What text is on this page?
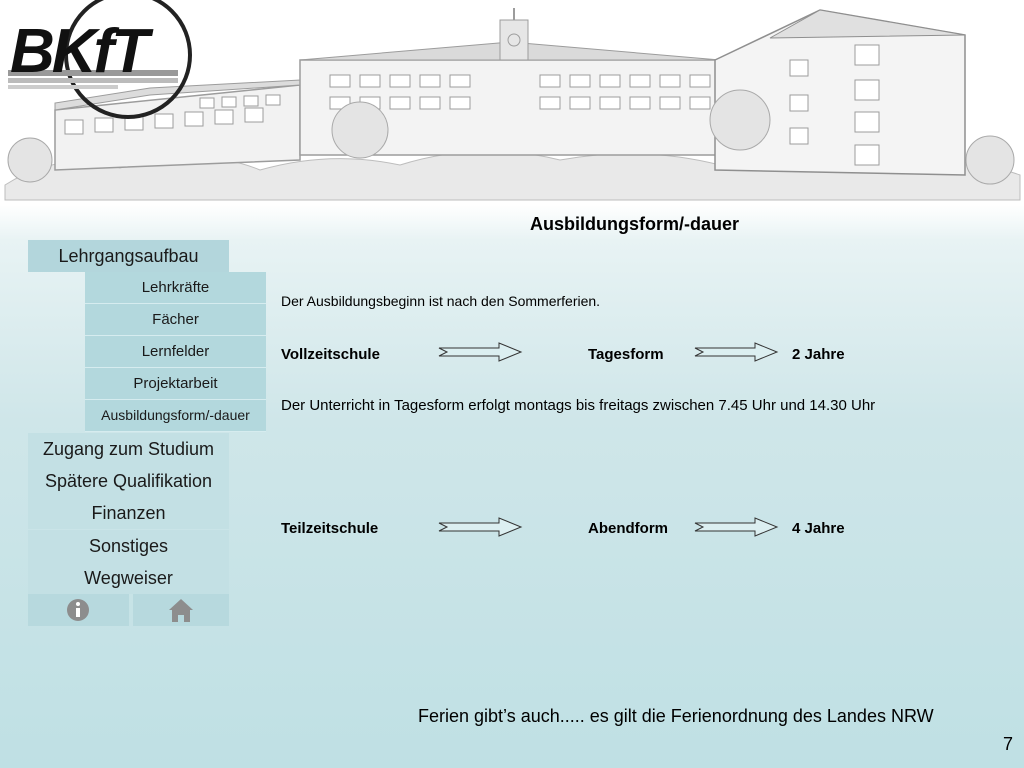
BKfT
Lehrgangsaufbau
Lehrkräfte
Fächer
Lernfelder
Projektarbeit
Ausbildungsform/-dauer
Zugang zum Studium
Spätere Qualifikation
Finanzen
Sonstiges
Wegweiser
Ausbildungsform/-dauer
Der Ausbildungsbeginn ist nach den Sommerferien.
Vollzeitschule	Tagesform	2 Jahre
Der Unterricht in Tagesform erfolgt montags bis freitags zwischen 7.45 Uhr und 14.30 Uhr
Teilzeitschule	Abendform	4 Jahre
Ferien gibt’s auch..... es gilt die Ferienordnung des Landes NRW
7
